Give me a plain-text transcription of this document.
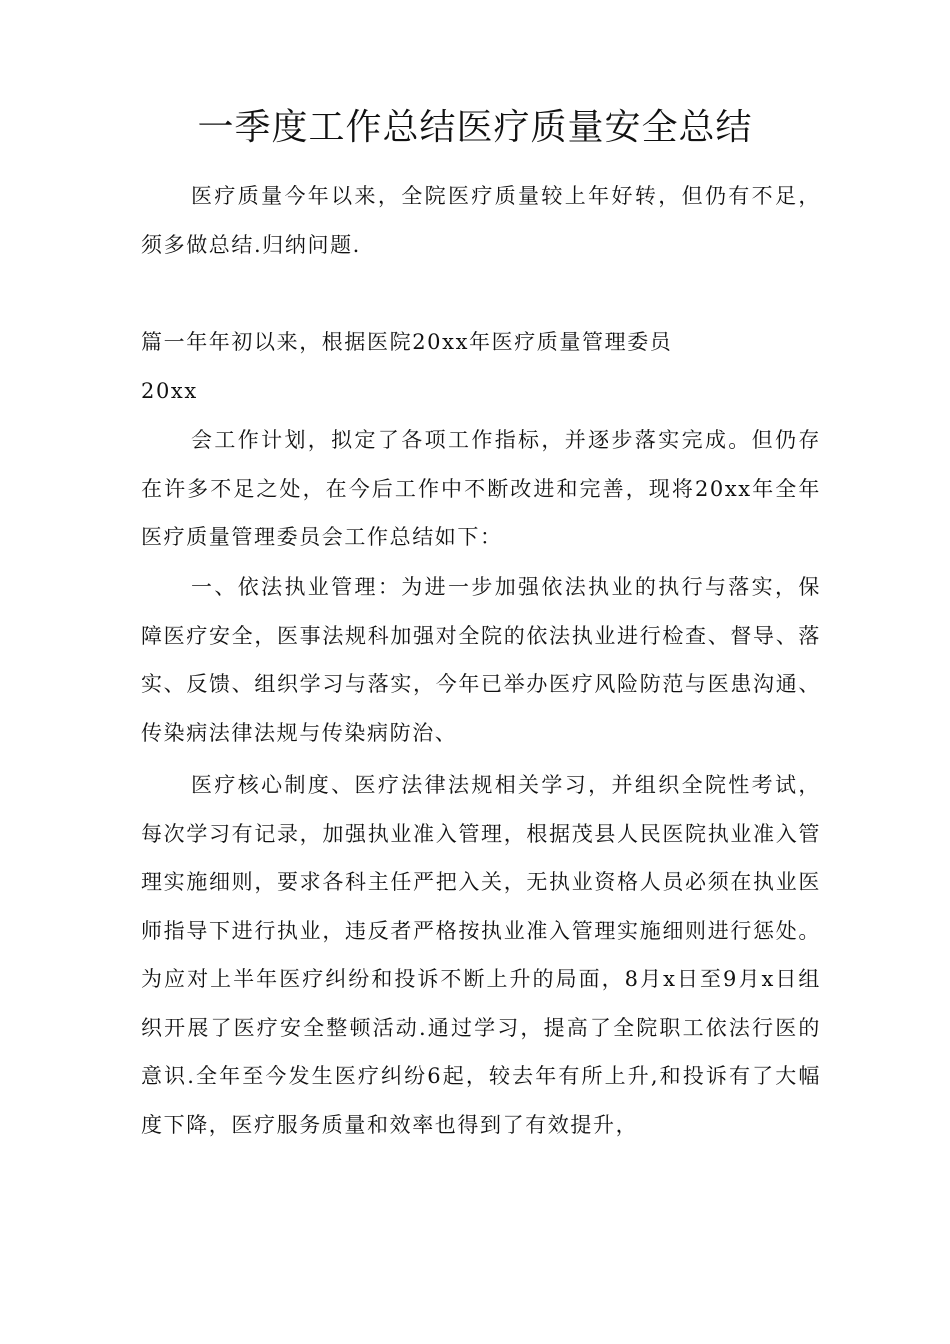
一季度工作总结医疗质量安全总结

医疗质量今年以来，全院医疗质量较上年好转，但仍有不足，须多做总结.归纳问题.

篇一年年初以来，根据医院20xx年医疗质量管理委员

20xx

会工作计划，拟定了各项工作指标，并逐步落实完成。但仍存在许多不足之处，在今后工作中不断改进和完善，现将20xx年全年医疗质量管理委员会工作总结如下：

一、依法执业管理：为进一步加强依法执业的执行与落实，保障医疗安全，医事法规科加强对全院的依法执业进行检查、督导、落实、反馈、组织学习与落实，今年已举办医疗风险防范与医患沟通、传染病法律法规与传染病防治、

医疗核心制度、医疗法律法规相关学习，并组织全院性考试，每次学习有记录，加强执业准入管理，根据茂县人民医院执业准入管理实施细则，要求各科主任严把入关，无执业资格人员必须在执业医师指导下进行执业，违反者严格按执业准入管理实施细则进行惩处。为应对上半年医疗纠纷和投诉不断上升的局面，8月x日至9月x日组织开展了医疗安全整顿活动.通过学习，提高了全院职工依法行医的意识.全年至今发生医疗纠纷6起，较去年有所上升,和投诉有了大幅度下降，医疗服务质量和效率也得到了有效提升，
